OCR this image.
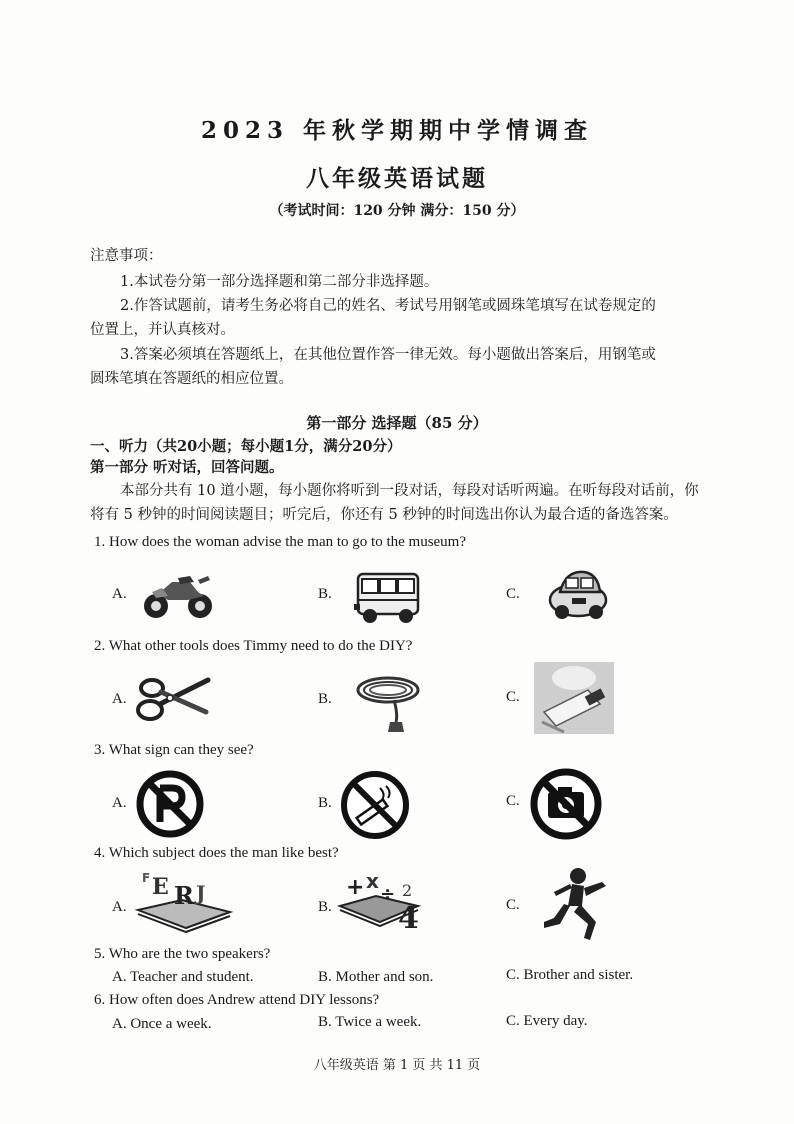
2023 年秋学期期中学情调查
八年级英语试题
（考试时间：120 分钟 满分：150 分）
注意事项：
1.本试卷分第一部分选择题和第二部分非选择题。
2.作答试题前，请考生务必将自己的姓名、考试号用钢笔或圆珠笔填写在试卷规定的
位置上，并认真核对。
3.答案必须填在答题纸上，在其他位置作答一律无效。每小题做出答案后，用钢笔或
圆珠笔填在答题纸的相应位置。
第一部分 选择题（85 分）
一、听力（共20小题；每小题1分，满分20分）
第一部分 听对话，回答问题。
本部分共有 10 道小题，每小题你将听到一段对话，每段对话听两遍。在听每段对话前，你
将有 5 秒钟的时间阅读题目；听完后，你还有 5 秒钟的时间选出你认为最合适的备选答案。
1. How does the woman advise the man to go to the museum?
A.	B.	C.
2. What other tools does Timmy need to do the DIY?
A.	B.	C.
3. What sign can they see?
A.	B.	C.
4. Which subject does the man like best?
A.	B.	C.
E R J
F	+ x
÷
4
2
5. Who are the two speakers?
A. Teacher and student.	B. Mother and son.	C. Brother and sister.
6. How often does Andrew attend DIY lessons?
A. Once a week.	B. Twice a week.	C. Every day.
八年级英语 第 1 页 共 11 页
